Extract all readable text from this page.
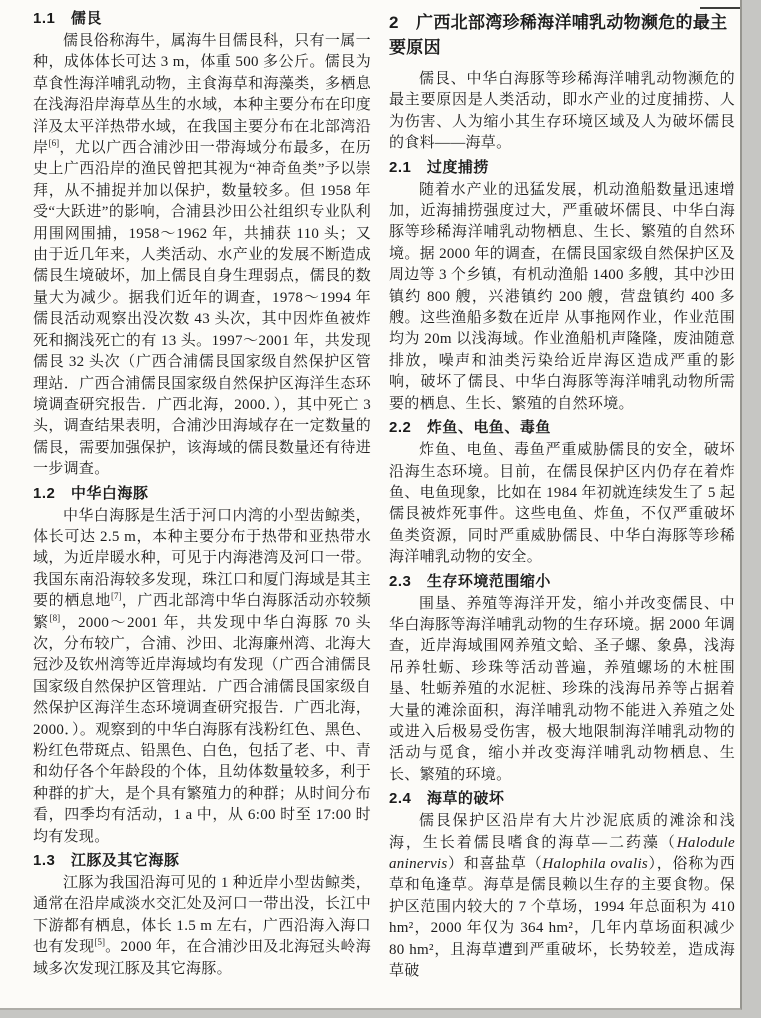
1.1　儒艮
儒艮俗称海牛，属海牛目儒艮科，只有一属一种，成体体长可达 3 m，体重 500 多公斤。儒艮为草食性海洋哺乳动物，主食海草和海藻类，多栖息在浅海沿岸海草丛生的水域，本种主要分布在印度洋及太平洋热带水域，在我国主要分布在北部湾沿岸[6]，尤以广西合浦沙田一带海域分布最多，在历史上广西沿岸的渔民曾把其视为“神奇鱼类”予以崇拜，从不捕捉并加以保护，数量较多。但 1958 年受“大跃进”的影响，合浦县沙田公社组织专业队利用围网围捕，1958～1962 年，共捕获 110 头；又由于近几年来，人类活动、水产业的发展不断造成儒艮生境破坏，加上儒艮自身生理弱点，儒艮的数量大为减少。据我们近年的调查，1978～1994 年儒艮活动观察出没次数 43 头次，其中因炸鱼被炸死和搁浅死亡的有 13 头。1997～2001 年，共发现儒艮 32 头次（广西合浦儒艮国家级自然保护区管理站．广西合浦儒艮国家级自然保护区海洋生态环境调查研究报告．广西北海，2000．），其中死亡 3 头，调查结果表明，合浦沙田海域存在一定数量的儒艮，需要加强保护，该海域的儒艮数量还有待进一步调查。
1.2　中华白海豚
中华白海豚是生活于河口内湾的小型齿鲸类，体长可达 2.5 m，本种主要分布于热带和亚热带水域，为近岸暖水种，可见于内海港湾及河口一带。我国东南沿海较多发现，珠江口和厦门海域是其主要的栖息地[7]，广西北部湾中华白海豚活动亦较频繁[8]，2000～2001 年，共发现中华白海豚 70 头次，分布较广，合浦、沙田、北海廉州湾、北海大冠沙及钦州湾等近岸海域均有发现（广西合浦儒艮国家级自然保护区管理站．广西合浦儒艮国家级自然保护区海洋生态环境调查研究报告．广西北海，2000．）。观察到的中华白海豚有浅粉红色、黑色、粉红色带斑点、铅黑色、白色，包括了老、中、青和幼仔各个年龄段的个体，且幼体数量较多，利于种群的扩大，是个具有繁殖力的种群；从时间分布看，四季均有活动，1 a 中，从 6:00 时至 17:00 时均有发现。
1.3　江豚及其它海豚
江豚为我国沿海可见的 1 种近岸小型齿鲸类，通常在沿岸咸淡水交汇处及河口一带出没，长江中下游都有栖息，体长 1.5 m 左右，广西沿海入海口也有发现[5]。2000 年，在合浦沙田及北海冠头岭海域多次发现江豚及其它海豚。
2　广西北部湾珍稀海洋哺乳动物濒危的最主要原因
儒艮、中华白海豚等珍稀海洋哺乳动物濒危的最主要原因是人类活动，即水产业的过度捕捞、人为伤害、人为缩小其生存环境区域及人为破坏儒艮的食料——海草。
2.1　过度捕捞
随着水产业的迅猛发展，机动渔船数量迅速增加，近海捕捞强度过大，严重破坏儒艮、中华白海豚等珍稀海洋哺乳动物栖息、生长、繁殖的自然环境。据 2000 年的调查，在儒艮国家级自然保护区及周边等 3 个乡镇，有机动渔船 1400 多艘，其中沙田镇约 800 艘，兴港镇约 200 艘，营盘镇约 400 多艘。这些渔船多数在近岸 从事拖网作业，作业范围均为 20m 以浅海域。作业渔船机声隆隆，废油随意排放，噪声和油类污染给近岸海区造成严重的影响，破坏了儒艮、中华白海豚等海洋哺乳动物所需要的栖息、生长、繁殖的自然环境。
2.2　炸鱼、电鱼、毒鱼
炸鱼、电鱼、毒鱼严重威胁儒艮的安全，破坏沿海生态环境。目前，在儒艮保护区内仍存在着炸鱼、电鱼现象，比如在 1984 年初就连续发生了 5 起儒艮被炸死事件。这些电鱼、炸鱼，不仅严重破坏鱼类资源，同时严重威胁儒艮、中华白海豚等珍稀海洋哺乳动物的安全。
2.3　生存环境范围缩小
围垦、养殖等海洋开发，缩小并改变儒艮、中华白海豚等海洋哺乳动物的生存环境。据 2000 年调查，近岸海域围网养殖文蛤、圣子螺、象鼻，浅海吊养牡蛎、珍珠等活动普遍，养殖螺场的木桩围垦、牡蛎养殖的水泥桩、珍珠的浅海吊养等占据着大量的滩涂面积，海洋哺乳动物不能进入养殖之处或进入后极易受伤害，极大地限制海洋哺乳动物的活动与觅食，缩小并改变海洋哺乳动物栖息、生长、繁殖的环境。
2.4　海草的破坏
儒艮保护区沿岸有大片沙泥底质的滩涂和浅海，生长着儒艮嗜食的海草—二药藻（Halodule aninervis）和喜盐草（Halophila ovalis），俗称为西草和龟逢草。海草是儒艮赖以生存的主要食物。保护区范围内较大的 7 个草场，1994 年总面积为 410 hm²，2000 年仅为 364 hm²，几年内草场面积减少 80 hm²，且海草遭到严重破坏，长势较差，造成海草破
